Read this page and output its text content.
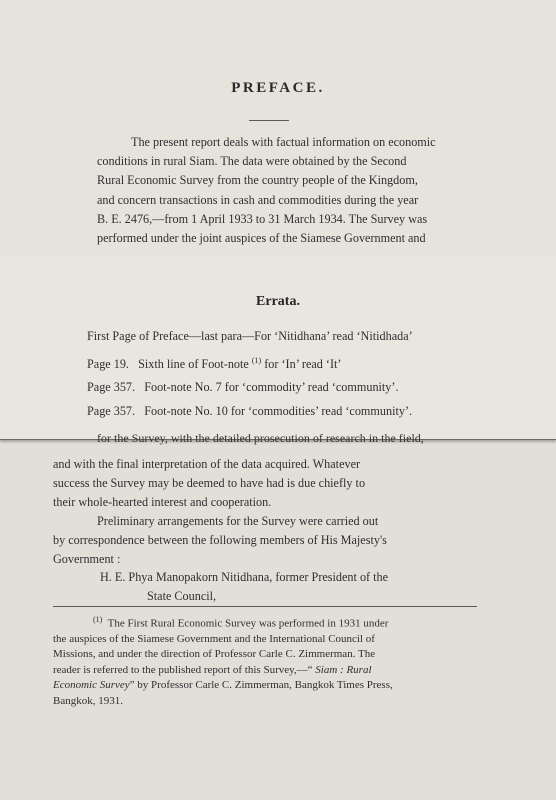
PREFACE.
The present report deals with factual information on economic
conditions in rural Siam. The data were obtained by the Second
Rural Economic Survey from the country people of the Kingdom,
and concern transactions in cash and commodities during the year
B. E. 2476,—from 1 April 1933 to 31 March 1934. The Survey was
performed under the joint auspices of the Siamese Government and
Errata.
First Page of Preface—last para—For ‘Nitidhana’ read ‘Nitidhada’
Page 19.   Sixth line of Foot-note $^{(1)}$ for ‘In’ read ‘It’
Page 357.   Foot-note No. 7 for ‘commodity’ read ‘community’.
Page 357.   Foot-note No. 10 for ‘commodities’ read ‘community’.
for the Survey, with the detailed prosecution of research in the field,
and with the final interpretation of the data acquired. Whatever
success the Survey may be deemed to have had is due chiefly to
their whole-hearted interest and cooperation.
Preliminary arrangements for the Survey were carried out
by correspondence between the following members of His Majesty's
Government :
H. E. Phya Manopakorn Nitidhana, former President of the
State Council,
$^{(1)}$ The First Rural Economic Survey was performed in 1931 under
the auspices of the Siamese Government and the International Council of
Missions, and under the direction of Professor Carle C. Zimmerman. The
reader is referred to the published report of this Survey,—“ Siam : Rural
Economic Survey” by Professor Carle C. Zimmerman, Bangkok Times Press,
Bangkok, 1931.
